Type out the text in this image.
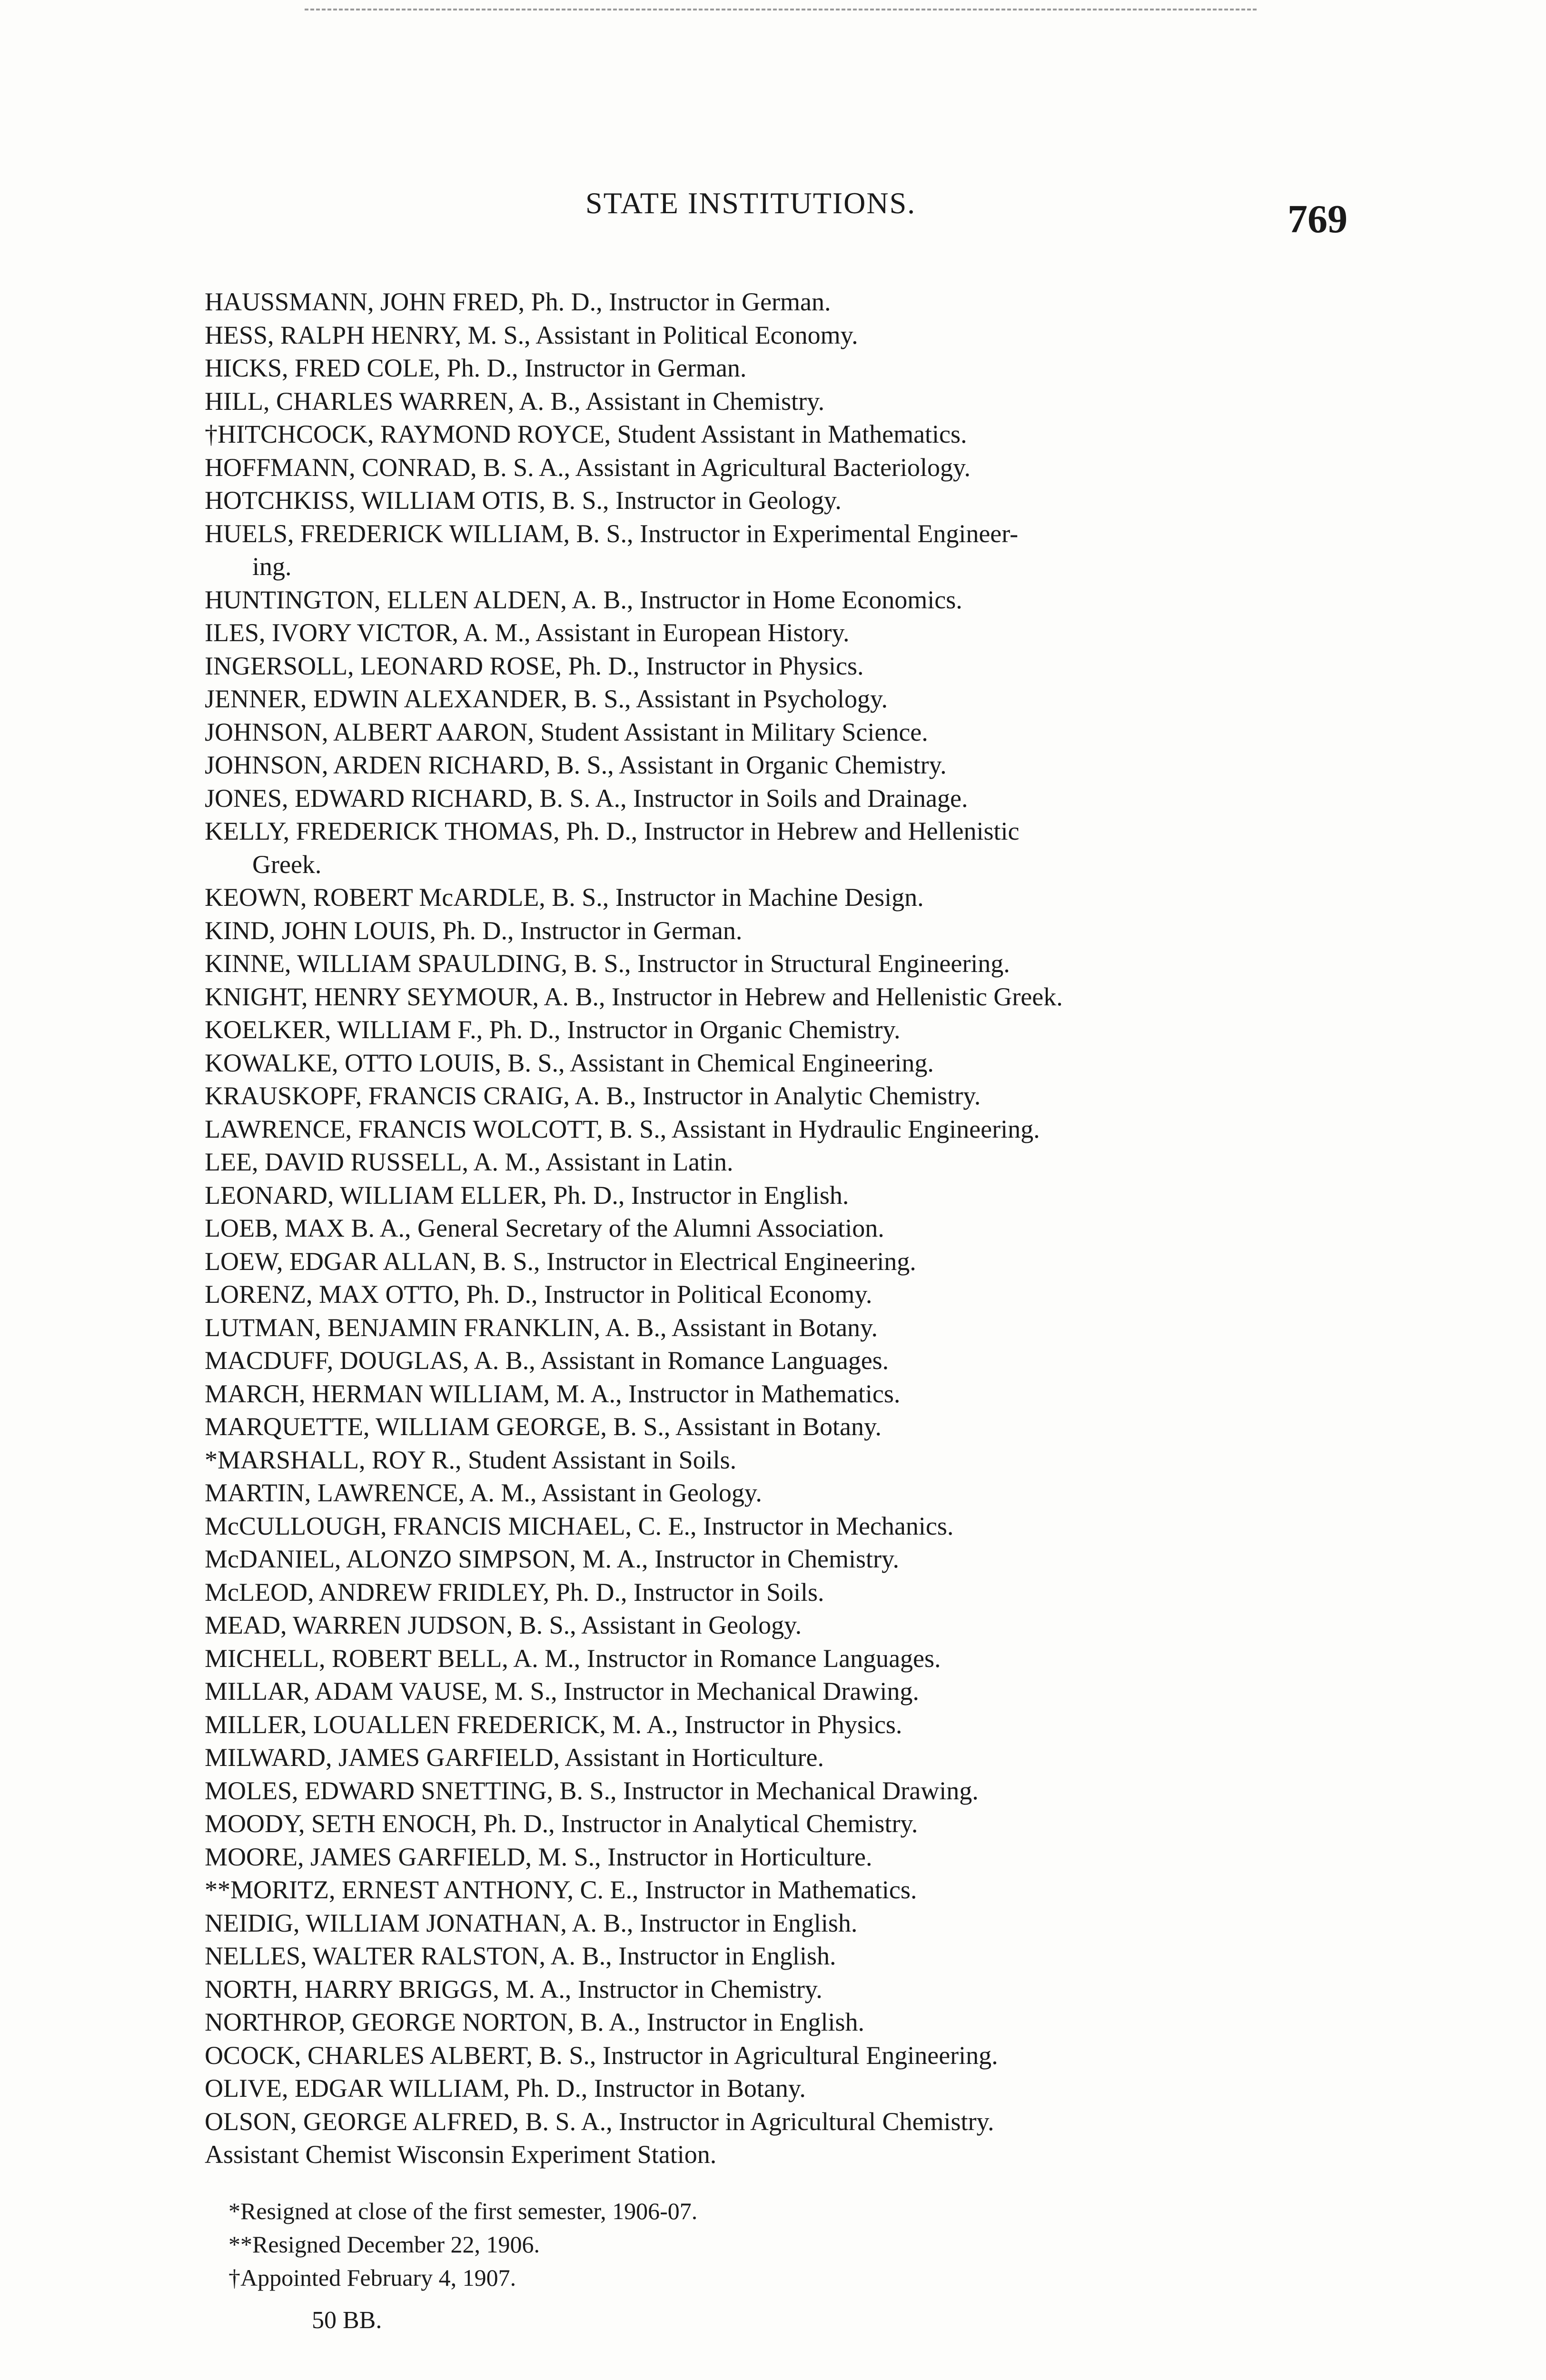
STATE INSTITUTIONS.	769
HAUSSMANN, JOHN FRED, Ph. D., Instructor in German.
HESS, RALPH HENRY, M. S., Assistant in Political Economy.
HICKS, FRED COLE, Ph. D., Instructor in German.
HILL, CHARLES WARREN, A. B., Assistant in Chemistry.
†HITCHCOCK, RAYMOND ROYCE, Student Assistant in Mathematics.
HOFFMANN, CONRAD, B. S. A., Assistant in Agricultural Bacteriology.
HOTCHKISS, WILLIAM OTIS, B. S., Instructor in Geology.
HUELS, FREDERICK WILLIAM, B. S., Instructor in Experimental Engineer-
ing.
HUNTINGTON, ELLEN ALDEN, A. B., Instructor in Home Economics.
ILES, IVORY VICTOR, A. M., Assistant in European History.
INGERSOLL, LEONARD ROSE, Ph. D., Instructor in Physics.
JENNER, EDWIN ALEXANDER, B. S., Assistant in Psychology.
JOHNSON, ALBERT AARON, Student Assistant in Military Science.
JOHNSON, ARDEN RICHARD, B. S., Assistant in Organic Chemistry.
JONES, EDWARD RICHARD, B. S. A., Instructor in Soils and Drainage.
KELLY, FREDERICK THOMAS, Ph. D., Instructor in Hebrew and Hellenistic
Greek.
KEOWN, ROBERT McARDLE, B. S., Instructor in Machine Design.
KIND, JOHN LOUIS, Ph. D., Instructor in German.
KINNE, WILLIAM SPAULDING, B. S., Instructor in Structural Engineering.
KNIGHT, HENRY SEYMOUR, A. B., Instructor in Hebrew and Hellenistic Greek.
KOELKER, WILLIAM F., Ph. D., Instructor in Organic Chemistry.
KOWALKE, OTTO LOUIS, B. S., Assistant in Chemical Engineering.
KRAUSKOPF, FRANCIS CRAIG, A. B., Instructor in Analytic Chemistry.
LAWRENCE, FRANCIS WOLCOTT, B. S., Assistant in Hydraulic Engineering.
LEE, DAVID RUSSELL, A. M., Assistant in Latin.
LEONARD, WILLIAM ELLER, Ph. D., Instructor in English.
LOEB, MAX B. A., General Secretary of the Alumni Association.
LOEW, EDGAR ALLAN, B. S., Instructor in Electrical Engineering.
LORENZ, MAX OTTO, Ph. D., Instructor in Political Economy.
LUTMAN, BENJAMIN FRANKLIN, A. B., Assistant in Botany.
MACDUFF, DOUGLAS, A. B., Assistant in Romance Languages.
MARCH, HERMAN WILLIAM, M. A., Instructor in Mathematics.
MARQUETTE, WILLIAM GEORGE, B. S., Assistant in Botany.
*MARSHALL, ROY R., Student Assistant in Soils.
MARTIN, LAWRENCE, A. M., Assistant in Geology.
McCULLOUGH, FRANCIS MICHAEL, C. E., Instructor in Mechanics.
McDANIEL, ALONZO SIMPSON, M. A., Instructor in Chemistry.
McLEOD, ANDREW FRIDLEY, Ph. D., Instructor in Soils.
MEAD, WARREN JUDSON, B. S., Assistant in Geology.
MICHELL, ROBERT BELL, A. M., Instructor in Romance Languages.
MILLAR, ADAM VAUSE, M. S., Instructor in Mechanical Drawing.
MILLER, LOUALLEN FREDERICK, M. A., Instructor in Physics.
MILWARD, JAMES GARFIELD, Assistant in Horticulture.
MOLES, EDWARD SNETTING, B. S., Instructor in Mechanical Drawing.
MOODY, SETH ENOCH, Ph. D., Instructor in Analytical Chemistry.
MOORE, JAMES GARFIELD, M. S., Instructor in Horticulture.
**MORITZ, ERNEST ANTHONY, C. E., Instructor in Mathematics.
NEIDIG, WILLIAM JONATHAN, A. B., Instructor in English.
NELLES, WALTER RALSTON, A. B., Instructor in English.
NORTH, HARRY BRIGGS, M. A., Instructor in Chemistry.
NORTHROP, GEORGE NORTON, B. A., Instructor in English.
OCOCK, CHARLES ALBERT, B. S., Instructor in Agricultural Engineering.
OLIVE, EDGAR WILLIAM, Ph. D., Instructor in Botany.
OLSON, GEORGE ALFRED, B. S. A., Instructor in Agricultural Chemistry.
Assistant Chemist Wisconsin Experiment Station.
*Resigned at close of the first semester, 1906-07.
**Resigned December 22, 1906.
†Appointed February 4, 1907.
50 BB.
